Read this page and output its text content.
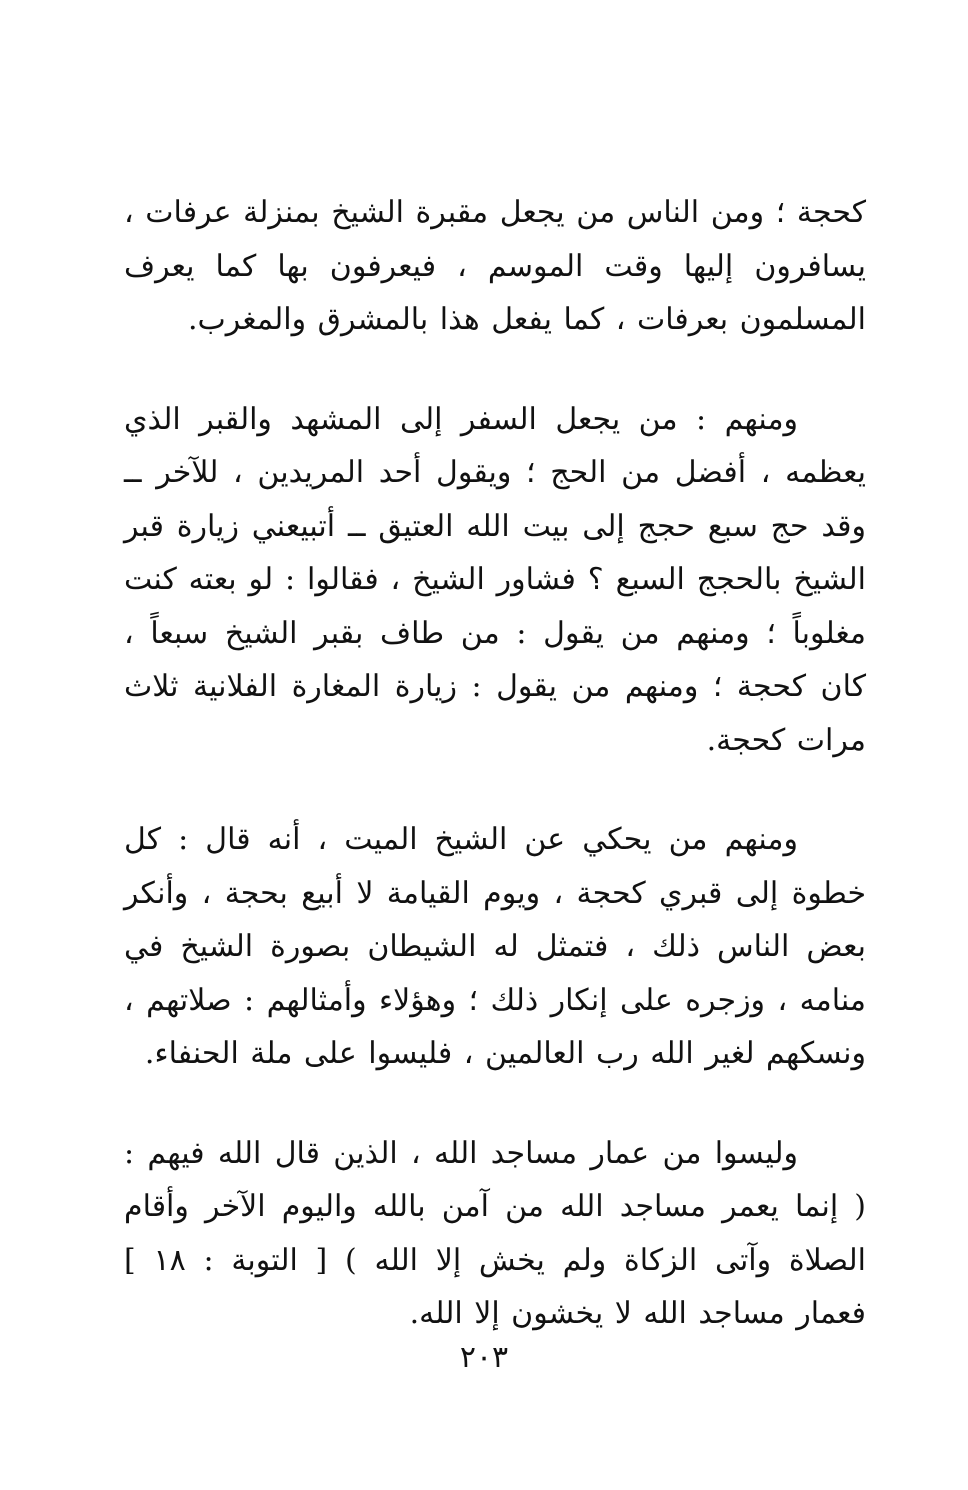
كحجة ؛ ومن الناس من يجعل مقبرة الشيخ بمنزلة عرفات ، يسافرون إليها وقت الموسم ، فيعرفون بها كما يعرف المسلمون بعرفات ، كما يفعل هذا بالمشرق والمغرب.

ومنهم : من يجعل السفر إلى المشهد والقبر الذي يعظمه ، أفضل من الحج ؛ ويقول أحد المريدين ، للآخر ــ وقد حج سبع حجج إلى بيت الله العتيق ــ أتبيعني زيارة قبر الشيخ بالحجج السبع ؟ فشاور الشيخ ، فقالوا : لو بعته كنت مغلوباً ؛ ومنهم من يقول : من طاف بقبر الشيخ سبعاً ، كان كحجة ؛ ومنهم من يقول : زيارة المغارة الفلانية ثلاث مرات كحجة.

ومنهم من يحكي عن الشيخ الميت ، أنه قال : كل خطوة إلى قبري كحجة ، ويوم القيامة لا أبيع بحجة ، وأنكر بعض الناس ذلك ، فتمثل له الشيطان بصورة الشيخ في منامه ، وزجره على إنكار ذلك ؛ وهؤلاء وأمثالهم : صلاتهم ، ونسكهم لغير الله رب العالمين ، فليسوا على ملة الحنفاء.

وليسوا من عمار مساجد الله ، الذين قال الله فيهم : ( إنما يعمر مساجد الله من آمن بالله واليوم الآخر وأقام الصلاة وآتى الزكاة ولم يخش إلا الله ) [ التوبة : ١٨ ] فعمار مساجد الله لا يخشون إلا الله.

٢٠٣
